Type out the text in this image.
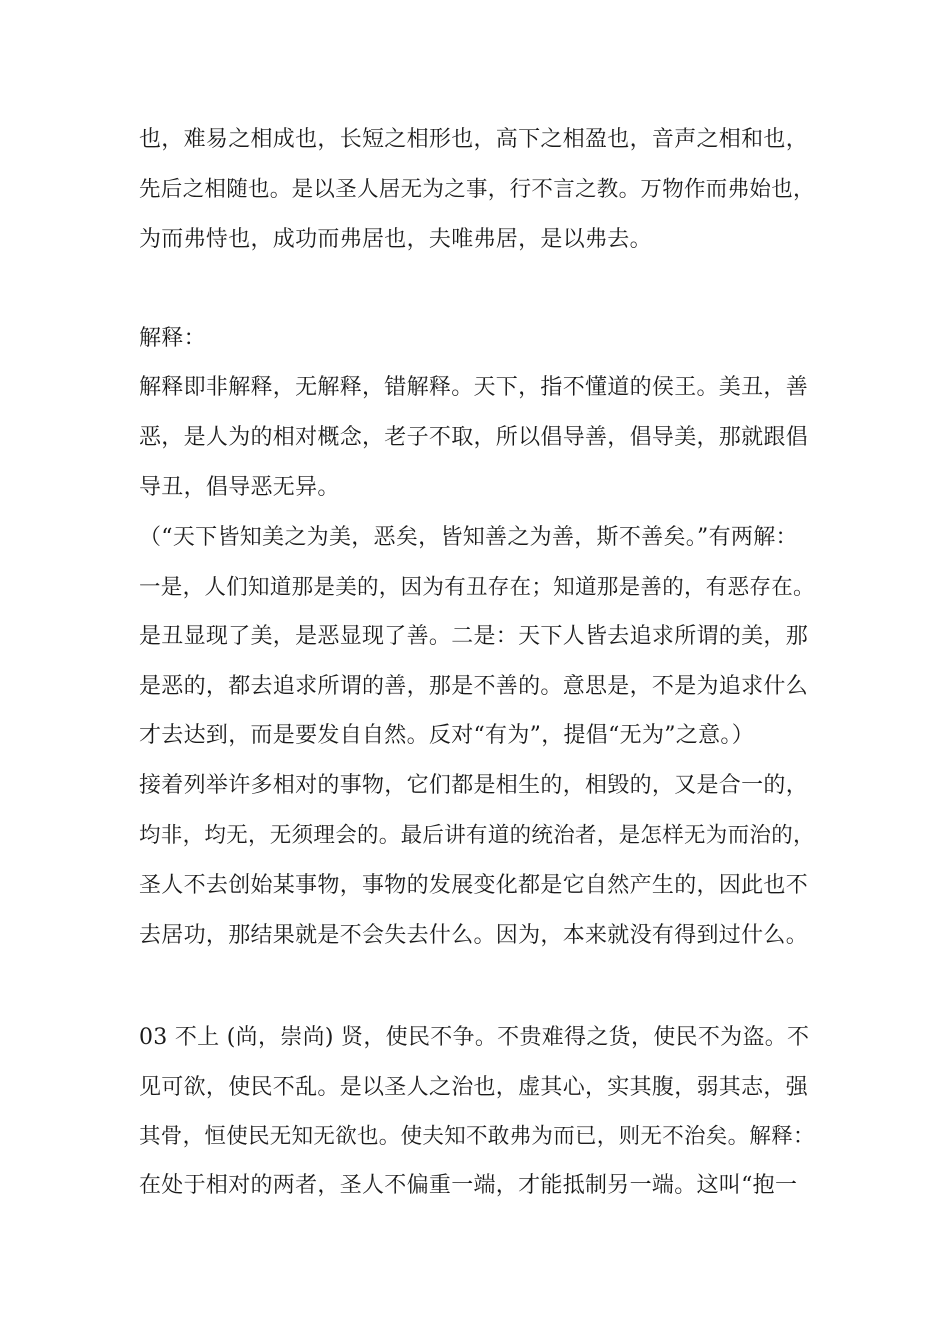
也，难易之相成也，长短之相形也，高下之相盈也，音声之相和也，
先后之相随也。是以圣人居无为之事，行不言之教。万物作而弗始也，
为而弗恃也，成功而弗居也，夫唯弗居，是以弗去。
解释：
解释即非解释，无解释，错解释。天下，指不懂道的侯王。美丑，善
恶，是人为的相对概念，老子不取，所以倡导善，倡导美，那就跟倡
导丑，倡导恶无异。
（“天下皆知美之为美，恶矣，皆知善之为善，斯不善矣。”有两解：
一是，人们知道那是美的，因为有丑存在；知道那是善的，有恶存在。
是丑显现了美，是恶显现了善。二是：天下人皆去追求所谓的美，那
是恶的，都去追求所谓的善，那是不善的。意思是，不是为追求什么
才去达到，而是要发自自然。反对“有为”，提倡“无为”之意。）
接着列举许多相对的事物，它们都是相生的，相毁的，又是合一的，
均非，均无，无须理会的。最后讲有道的统治者，是怎样无为而治的，
圣人不去创始某事物，事物的发展变化都是它自然产生的，因此也不
去居功，那结果就是不会失去什么。因为，本来就没有得到过什么。
03 不上 (尚，崇尚) 贤，使民不争。不贵难得之货，使民不为盗。不
见可欲，使民不乱。是以圣人之治也，虚其心，实其腹，弱其志，强
其骨，恒使民无知无欲也。使夫知不敢弗为而已，则无不治矣。解释：
在处于相对的两者，圣人不偏重一端，才能抵制另一端。这叫“抱一
